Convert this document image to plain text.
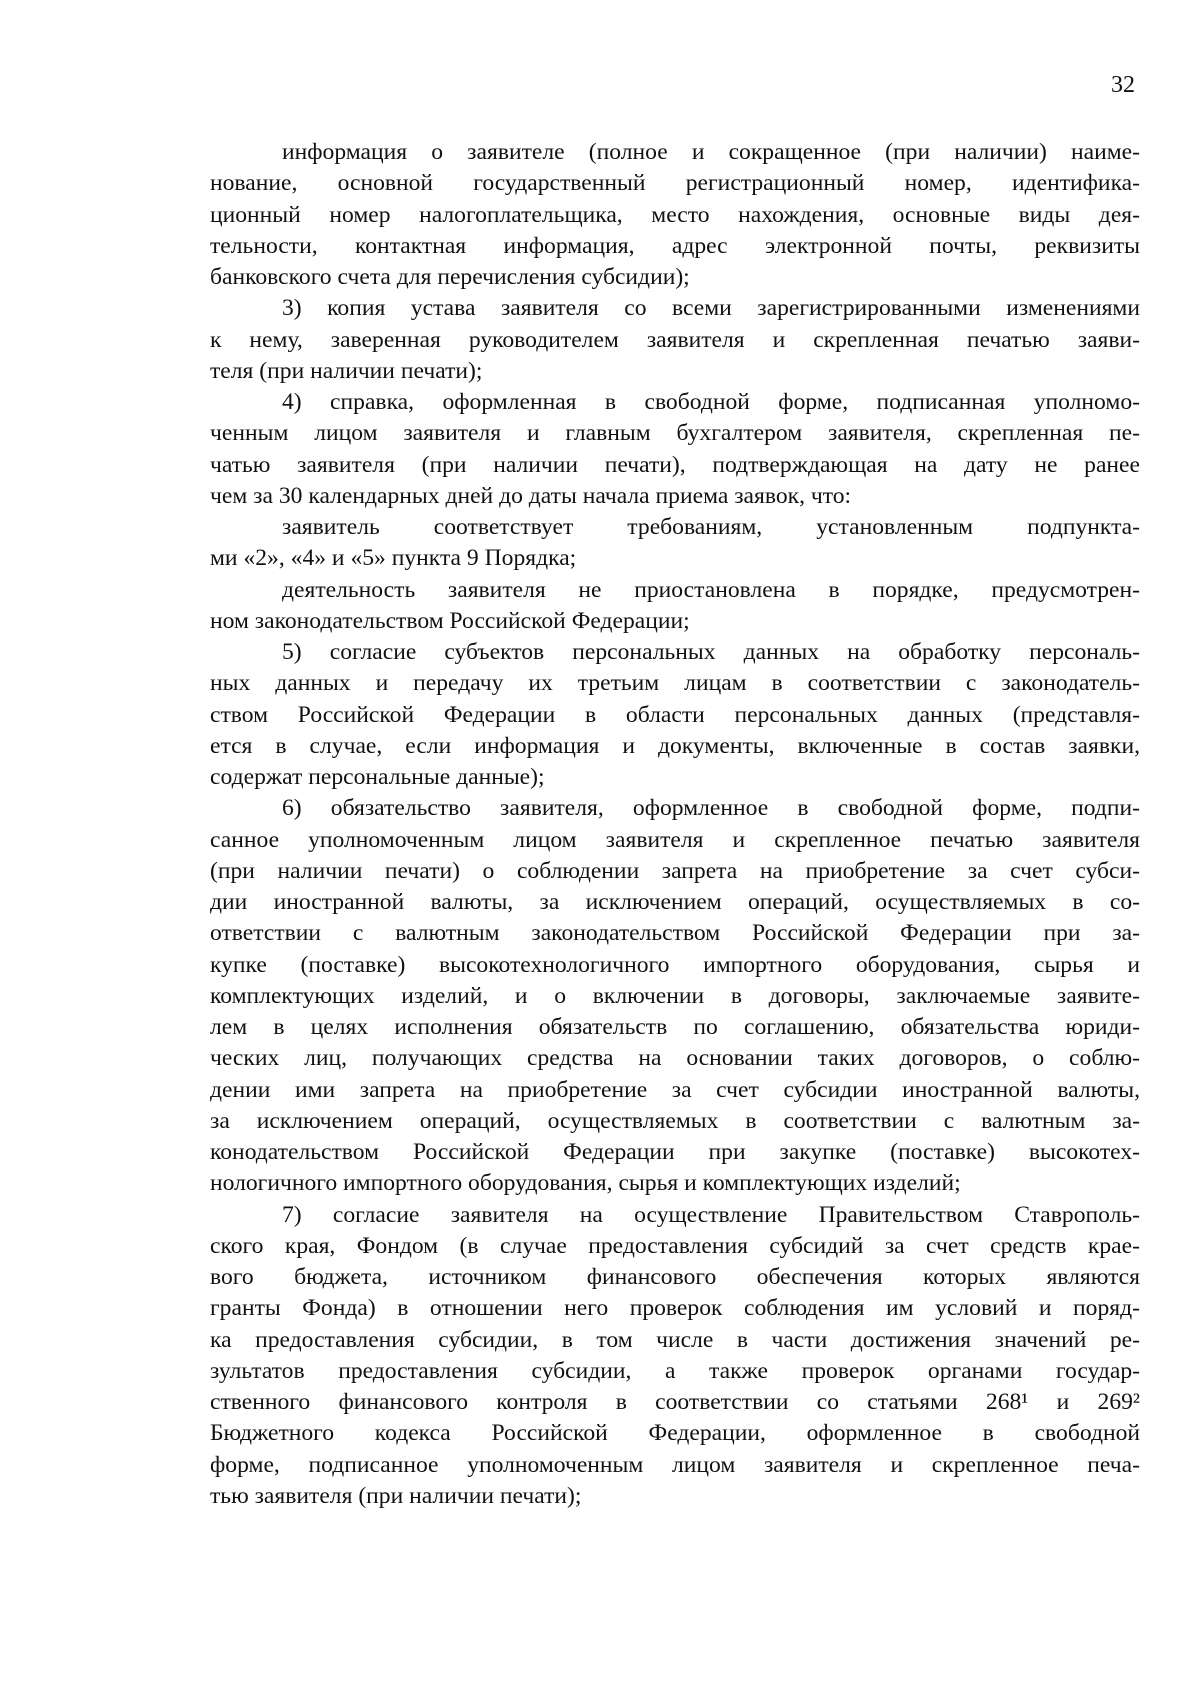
32
информация о заявителе (полное и сокращенное (при наличии) наиме-
нование, основной государственный регистрационный номер, идентифика-
ционный номер налогоплательщика, место нахождения, основные виды дея-
тельности, контактная информация, адрес электронной почты, реквизиты
банковского счета для перечисления субсидии);
3) копия устава заявителя со всеми зарегистрированными изменениями
к нему, заверенная руководителем заявителя и скрепленная печатью заяви-
теля (при наличии печати);
4) справка, оформленная в свободной форме, подписанная уполномо-
ченным лицом заявителя и главным бухгалтером заявителя, скрепленная пе-
чатью заявителя (при наличии печати), подтверждающая на дату не ранее
чем за 30 календарных дней до даты начала приема заявок, что:
заявитель соответствует требованиям, установленным подпункта-
ми «2», «4» и «5» пункта 9 Порядка;
деятельность заявителя не приостановлена в порядке, предусмотрен-
ном законодательством Российской Федерации;
5) согласие субъектов персональных данных на обработку персональ-
ных данных и передачу их третьим лицам в соответствии с законодатель-
ством Российской Федерации в области персональных данных (представля-
ется в случае, если информация и документы, включенные в состав заявки,
содержат персональные данные);
6) обязательство заявителя, оформленное в свободной форме, подпи-
санное уполномоченным лицом заявителя и скрепленное печатью заявителя
(при наличии печати) о соблюдении запрета на приобретение за счет субси-
дии иностранной валюты, за исключением операций, осуществляемых в со-
ответствии с валютным законодательством Российской Федерации при за-
купке (поставке) высокотехнологичного импортного оборудования, сырья и
комплектующих изделий, и о включении в договоры, заключаемые заявите-
лем в целях исполнения обязательств по соглашению, обязательства юриди-
ческих лиц, получающих средства на основании таких договоров, о соблю-
дении ими запрета на приобретение за счет субсидии иностранной валюты,
за исключением операций, осуществляемых в соответствии с валютным за-
конодательством Российской Федерации при закупке (поставке) высокотех-
нологичного импортного оборудования, сырья и комплектующих изделий;
7) согласие заявителя на осуществление Правительством Ставрополь-
ского края, Фондом (в случае предоставления субсидий за счет средств крае-
вого бюджета, источником финансового обеспечения которых являются
гранты Фонда) в отношении него проверок соблюдения им условий и поряд-
ка предоставления субсидии, в том числе в части достижения значений ре-
зультатов предоставления субсидии, а также проверок органами государ-
ственного финансового контроля в соответствии со статьями 268¹ и 269²
Бюджетного кодекса Российской Федерации, оформленное в свободной
форме, подписанное уполномоченным лицом заявителя и скрепленное печа-
тью заявителя (при наличии печати);
